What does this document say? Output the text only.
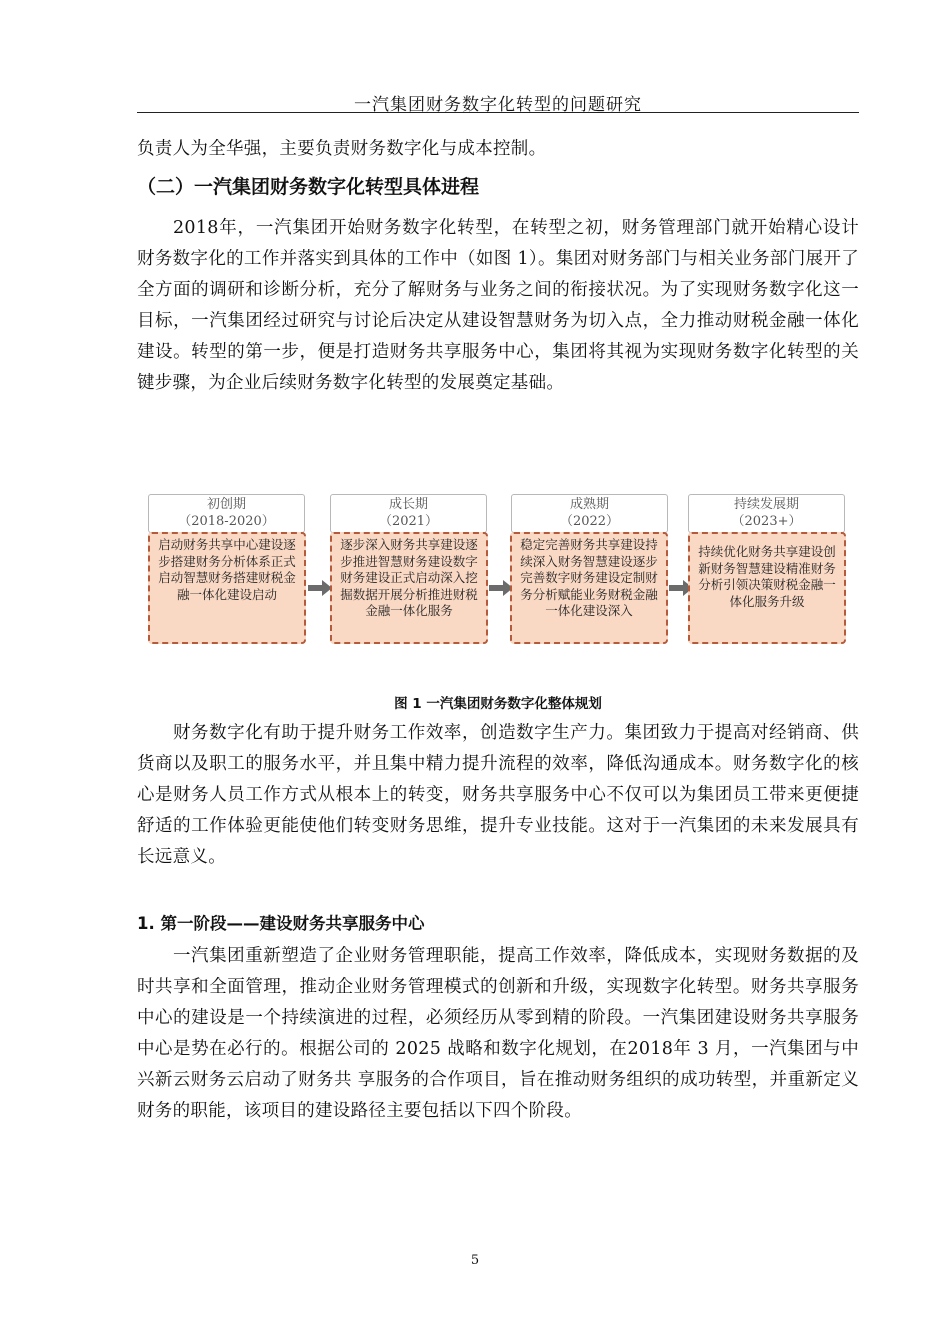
一汽集团财务数字化转型的问题研究

负责人为全华强，主要负责财务数字化与成本控制。

（二）一汽集团财务数字化转型具体进程

2018年，一汽集团开始财务数字化转型，在转型之初，财务管理部门就开始精心设计财务数字化的工作并落实到具体的工作中（如图 1）。集团对财务部门与相关业务部门展开了全方面的调研和诊断分析，充分了解财务与业务之间的衔接状况。为了实现财务数字化这一目标，一汽集团经过研究与讨论后决定从建设智慧财务为切入点，全力推动财税金融一体化建设。转型的第一步，便是打造财务共享服务中心，集团将其视为实现财务数字化转型的关键步骤，为企业后续财务数字化转型的发展奠定基础。

初创期
（2018-2020）
启动财务共享中心建设逐步搭建财务分析体系正式启动智慧财务搭建财税金融一体化建设启动
成长期
（2021）
逐步深入财务共享建设逐步推进智慧财务建设数字财务建设正式启动深入挖掘数据开展分析推进财税金融一体化服务
成熟期
（2022）
稳定完善财务共享建设持续深入财务智慧建设逐步完善数字财务建设定制财务分析赋能业务财税金融一体化建设深入
持续发展期
（2023+）
持续优化财务共享建设创新财务智慧建设精准财务分析引领决策财税金融一体化服务升级

图 1 一汽集团财务数字化整体规划

财务数字化有助于提升财务工作效率，创造数字生产力。集团致力于提高对经销商、供货商以及职工的服务水平，并且集中精力提升流程的效率，降低沟通成本。财务数字化的核心是财务人员工作方式从根本上的转变，财务共享服务中心不仅可以为集团员工带来更便捷舒适的工作体验更能使他们转变财务思维，提升专业技能。这对于一汽集团的未来发展具有长远意义。

1. 第一阶段——建设财务共享服务中心

一汽集团重新塑造了企业财务管理职能，提高工作效率，降低成本，实现财务数据的及时共享和全面管理，推动企业财务管理模式的创新和升级，实现数字化转型。财务共享服务中心的建设是一个持续演进的过程，必须经历从零到精的阶段。一汽集团建设财务共享服务中心是势在必行的。根据公司的 2025 战略和数字化规划，在2018年 3 月，一汽集团与中兴新云财务云启动了财务共 享服务的合作项目，旨在推动财务组织的成功转型，并重新定义财务的职能，该项目的建设路径主要包括以下四个阶段。

5
